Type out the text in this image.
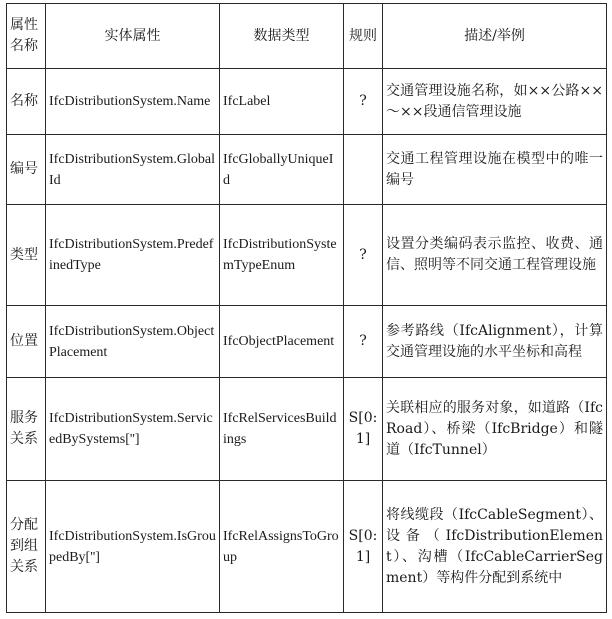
属性名称	实体属性	数据类型	规则	描述/举例
名称	IfcDistributionSystem.Name	IfcLabel	?	交通管理设施名称，如××公路××～××段通信管理设施
编号	IfcDistributionSystem.GlobalId	IfcGloballyUniqueId		交通工程管理设施在模型中的唯一编号
类型	IfcDistributionSystem.PredefinedType	IfcDistributionSystemTypeEnum	?	设置分类编码表示监控、收费、通信、照明等不同交通工程管理设施
位置	IfcDistributionSystem.ObjectPlacement	IfcObjectPlacement	?	参考路线（IfcAlignment），计算交通管理设施的水平坐标和高程
服务关系	IfcDistributionSystem.ServicedBySystems['']	IfcRelServicesBuildings	S[0:1]	关联相应的服务对象，如道路（IfcRoad）、桥梁（IfcBridge）和隧道（IfcTunnel）
分配到组关系	IfcDistributionSystem.IsGroupedBy['']	IfcRelAssignsToGroup	S[0:1]	将线缆段（IfcCableSegment）、设备（IfcDistributionElement）、沟槽（IfcCableCarrierSegment）等构件分配到系统中
